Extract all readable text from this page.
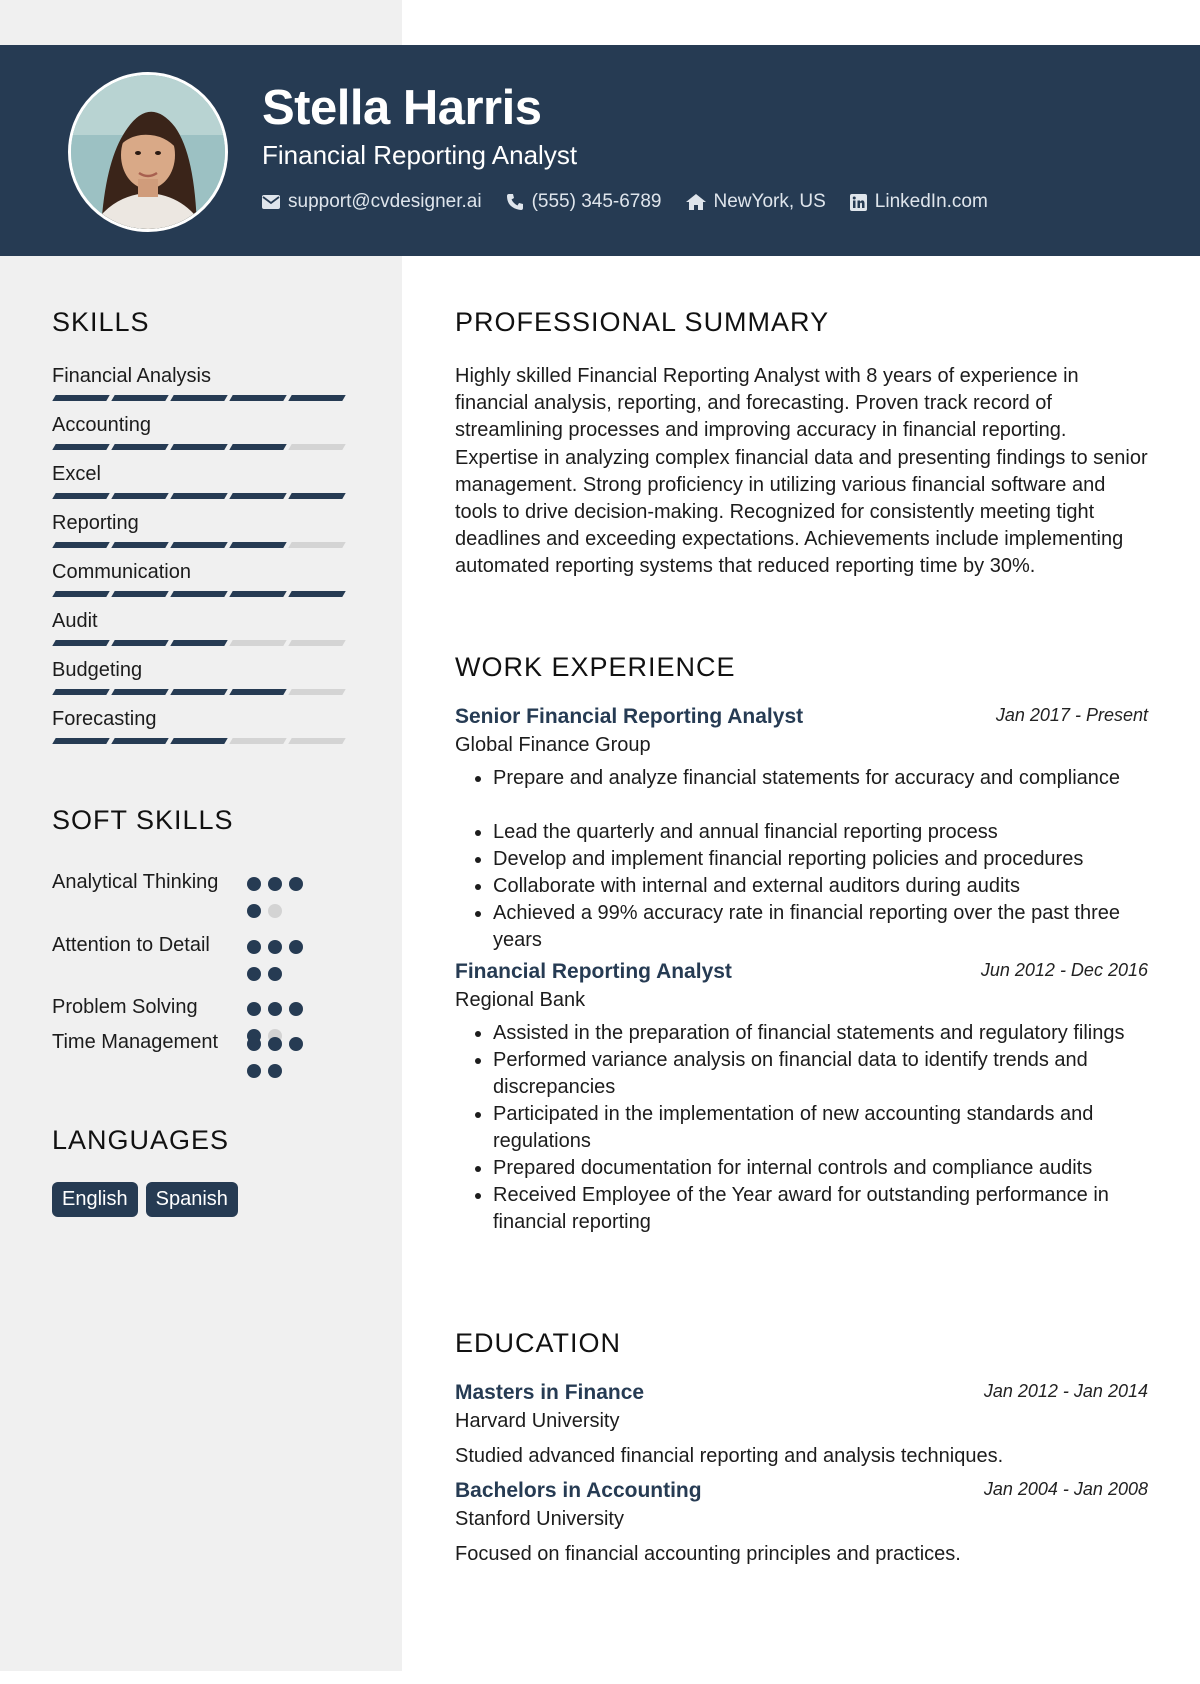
Stella Harris
Financial Reporting Analyst
support@cvdesigner.ai	(555) 345-6789	NewYork, US	LinkedIn.com
SKILLS
Financial Analysis
Accounting
Excel
Reporting
Communication
Audit
Budgeting
Forecasting
SOFT SKILLS
Analytical Thinking
Attention to Detail
Problem Solving
Time Management
LANGUAGES
English	Spanish
PROFESSIONAL SUMMARY

Highly skilled Financial Reporting Analyst with 8 years of experience in financial analysis, reporting, and forecasting. Proven track record of streamlining processes and improving accuracy in financial reporting. Expertise in analyzing complex financial data and presenting findings to senior management. Strong proficiency in utilizing various financial software and tools to drive decision-making. Recognized for consistently meeting tight deadlines and exceeding expectations. Achievements include implementing automated reporting systems that reduced reporting time by 30%.

WORK EXPERIENCE
Senior Financial Reporting Analyst	Jan 2017 - Present
Global Finance Group
• Prepare and analyze financial statements for accuracy and compliance
• Lead the quarterly and annual financial reporting process
• Develop and implement financial reporting policies and procedures
• Collaborate with internal and external auditors during audits
• Achieved a 99% accuracy rate in financial reporting over the past three years
Financial Reporting Analyst	Jun 2012 - Dec 2016
Regional Bank
• Assisted in the preparation of financial statements and regulatory filings
• Performed variance analysis on financial data to identify trends and discrepancies
• Participated in the implementation of new accounting standards and regulations
• Prepared documentation for internal controls and compliance audits
• Received Employee of the Year award for outstanding performance in financial reporting
EDUCATION
Masters in Finance	Jan 2012 - Jan 2014
Harvard University
Studied advanced financial reporting and analysis techniques.
Bachelors in Accounting	Jan 2004 - Jan 2008
Stanford University
Focused on financial accounting principles and practices.
